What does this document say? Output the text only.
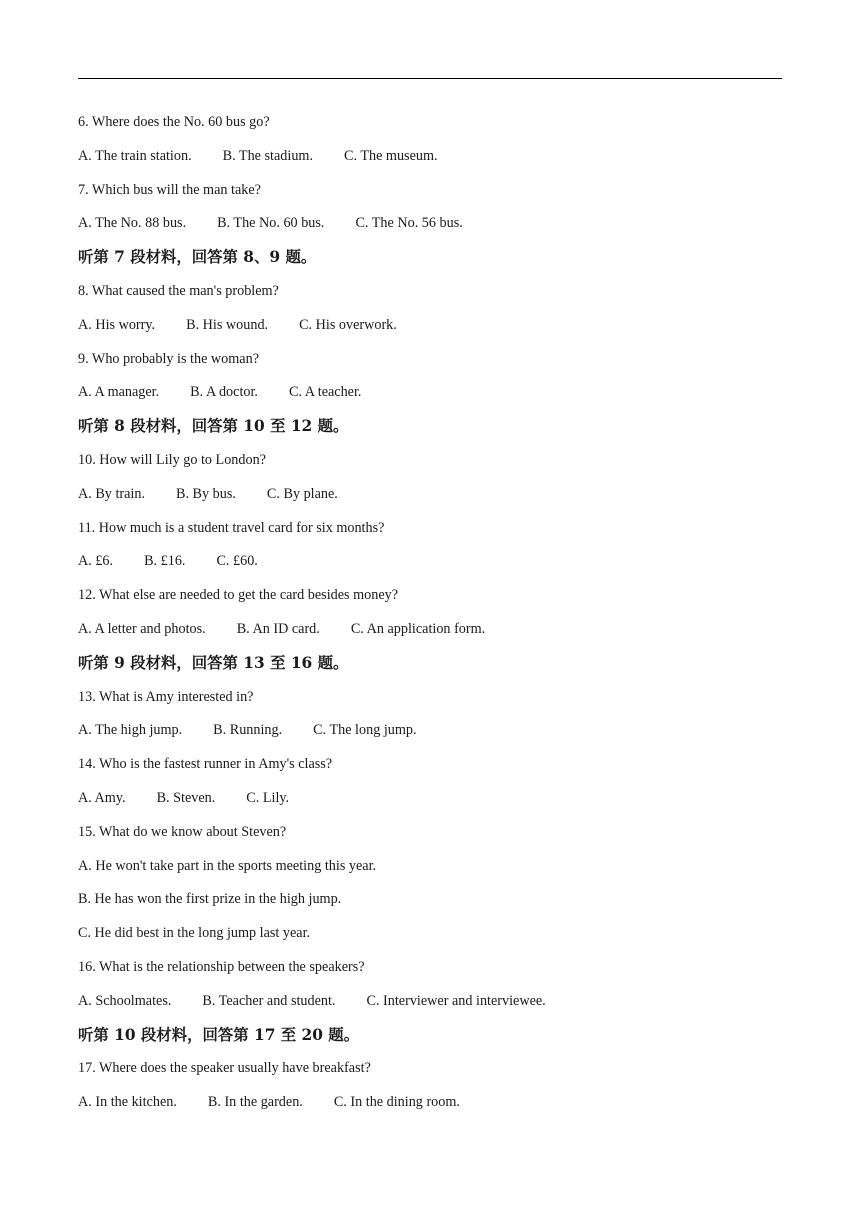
6. Where does the No. 60 bus go?
A. The train station. B. The stadium. C. The museum.
7. Which bus will the man take?
A. The No. 88 bus. B. The No. 60 bus. C. The No. 56 bus.
听第 7 段材料，回答第 8、9 题。
8. What caused the man's problem?
A. His worry. B. His wound. C. His overwork.
9. Who probably is the woman?
A. A manager. B. A doctor. C. A teacher.
听第 8 段材料，回答第 10 至 12 题。
10. How will Lily go to London?
A. By train. B. By bus. C. By plane.
11. How much is a student travel card for six months?
A. £6. B. £16. C. £60.
12. What else are needed to get the card besides money?
A. A letter and photos. B. An ID card. C. An application form.
听第 9 段材料，回答第 13 至 16 题。
13. What is Amy interested in?
A. The high jump. B. Running. C. The long jump.
14. Who is the fastest runner in Amy's class?
A. Amy. B. Steven. C. Lily.
15. What do we know about Steven?
A. He won't take part in the sports meeting this year.
B. He has won the first prize in the high jump.
C. He did best in the long jump last year.
16. What is the relationship between the speakers?
A. Schoolmates. B. Teacher and student. C. Interviewer and interviewee.
听第 10 段材料，回答第 17 至 20 题。
17. Where does the speaker usually have breakfast?
A. In the kitchen. B. In the garden. C. In the dining room.
